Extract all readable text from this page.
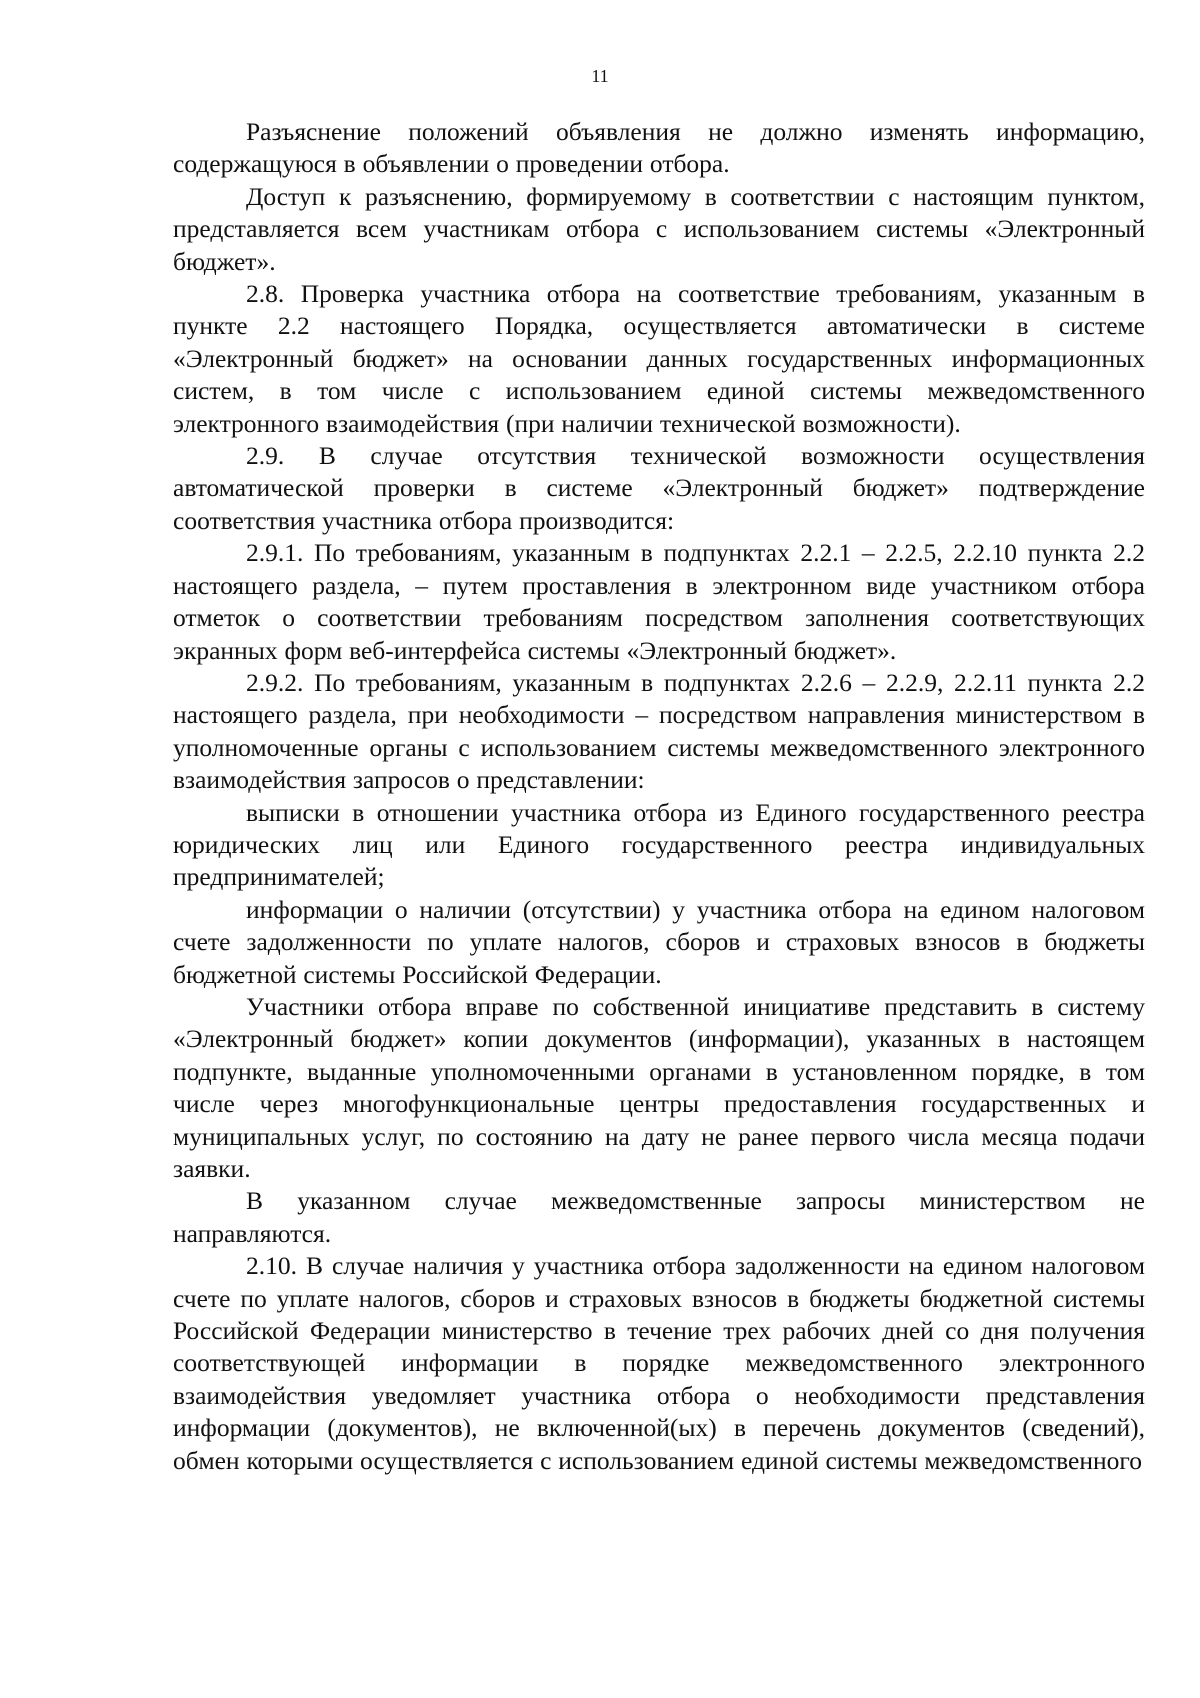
11

Разъяснение положений объявления не должно изменять информацию, содержащуюся в объявлении о проведении отбора.

Доступ к разъяснению, формируемому в соответствии с настоящим пунктом, представляется всем участникам отбора с использованием системы «Электронный бюджет».

2.8. Проверка участника отбора на соответствие требованиям, указанным в пункте 2.2 настоящего Порядка, осуществляется автоматически в системе «Электронный бюджет» на основании данных государственных информационных систем, в том числе с использованием единой системы межведомственного электронного взаимодействия (при наличии технической возможности).

2.9. В случае отсутствия технической возможности осуществления автоматической проверки в системе «Электронный бюджет» подтверждение соответствия участника отбора производится:

2.9.1. По требованиям, указанным в подпунктах 2.2.1 – 2.2.5, 2.2.10 пункта 2.2 настоящего раздела, – путем проставления в электронном виде участником отбора отметок о соответствии требованиям посредством заполнения соответствующих экранных форм веб-интерфейса системы «Электронный бюджет».

2.9.2. По требованиям, указанным в подпунктах 2.2.6 – 2.2.9, 2.2.11 пункта 2.2 настоящего раздела, при необходимости – посредством направления министерством в уполномоченные органы с использованием системы межведомственного электронного взаимодействия запросов о представлении:

выписки в отношении участника отбора из Единого государственного реестра юридических лиц или Единого государственного реестра индивидуальных предпринимателей;

информации о наличии (отсутствии) у участника отбора на едином налоговом счете задолженности по уплате налогов, сборов и страховых взносов в бюджеты бюджетной системы Российской Федерации.

Участники отбора вправе по собственной инициативе представить в систему «Электронный бюджет» копии документов (информации), указанных в настоящем подпункте, выданные уполномоченными органами в установленном порядке, в том числе через многофункциональные центры предоставления государственных и муниципальных услуг, по состоянию на дату не ранее первого числа месяца подачи заявки.

В указанном случае межведомственные запросы министерством не направляются.

2.10. В случае наличия у участника отбора задолженности на едином налоговом счете по уплате налогов, сборов и страховых взносов в бюджеты бюджетной системы Российской Федерации министерство в течение трех рабочих дней со дня получения соответствующей информации в порядке межведомственного электронного взаимодействия уведомляет участника отбора о необходимости представления информации (документов), не включенной(ых) в перечень документов (сведений), обмен которыми осуществляется с использованием единой системы межведомственного
